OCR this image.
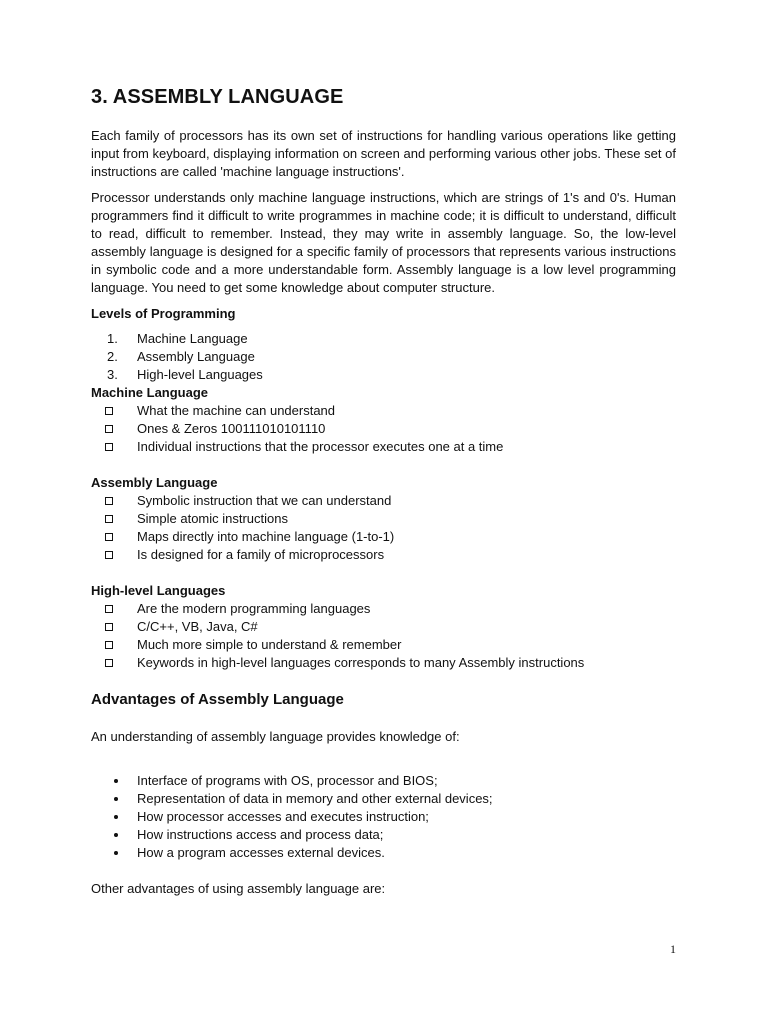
3. ASSEMBLY LANGUAGE

Each family of processors has its own set of instructions for handling various operations like getting input from keyboard, displaying information on screen and performing various other jobs. These set of instructions are called 'machine language instructions'.

Processor understands only machine language instructions, which are strings of 1's and 0's. Human programmers find it difficult to write programmes in machine code; it is difficult to understand, difficult to read, difficult to remember. Instead, they may write in assembly language. So, the low-level assembly language is designed for a specific family of processors that represents various instructions in symbolic code and a more understandable form. Assembly language is a low level programming language. You need to get some knowledge about computer structure.

Levels of Programming
1.	Machine Language
2.	Assembly Language
3.	High-level Languages
Machine Language
What the machine can understand
Ones & Zeros 100111010101110
Individual instructions that the processor executes one at a time
Assembly Language
Symbolic instruction that we can understand
Simple atomic instructions
Maps directly into machine language (1-to-1)
Is designed for a family of microprocessors
High-level Languages
Are the modern programming languages
C/C++, VB, Java, C#
Much more simple to understand & remember
Keywords in high-level languages corresponds to many Assembly instructions
Advantages of Assembly Language

An understanding of assembly language provides knowledge of:

Interface of programs with OS, processor and BIOS;
Representation of data in memory and other external devices;
How processor accesses and executes instruction;
How instructions access and process data;
How a program accesses external devices.

Other advantages of using assembly language are:

1
